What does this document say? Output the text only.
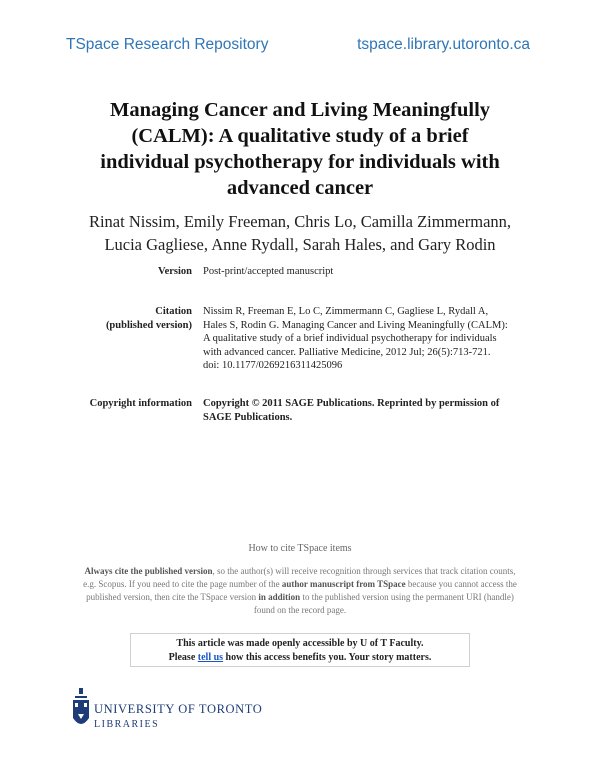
TSpace Research Repository	tspace.library.utoronto.ca
Managing Cancer and Living Meaningfully
(CALM): A qualitative study of a brief
individual psychotherapy for individuals with
advanced cancer
Rinat Nissim, Emily Freeman, Chris Lo, Camilla Zimmermann,
Lucia Gagliese, Anne Rydall, Sarah Hales, and Gary Rodin
Version Post-print/accepted manuscript
Citation
(published version)
Nissim R, Freeman E, Lo C, Zimmermann C, Gagliese L, Rydall A,
Hales S, Rodin G. Managing Cancer and Living Meaningfully (CALM):
A qualitative study of a brief individual psychotherapy for individuals
with advanced cancer. Palliative Medicine, 2012 Jul; 26(5):713-721.
doi: 10.1177/0269216311425096
Copyright information Copyright © 2011 SAGE Publications. Reprinted by permission of
SAGE Publications.
How to cite TSpace items
Always cite the published version, so the author(s) will receive recognition through services that track citation counts, e.g. Scopus. If you need to cite the page number of the author manuscript from TSpace because you cannot access the published version, then cite the TSpace version in addition to the published version using the permanent URI (handle) found on the record page.
This article was made openly accessible by U of T Faculty.
Please tell us how this access benefits you. Your story matters.
UNIVERSITY OF TORONTO
LIBRARIES
